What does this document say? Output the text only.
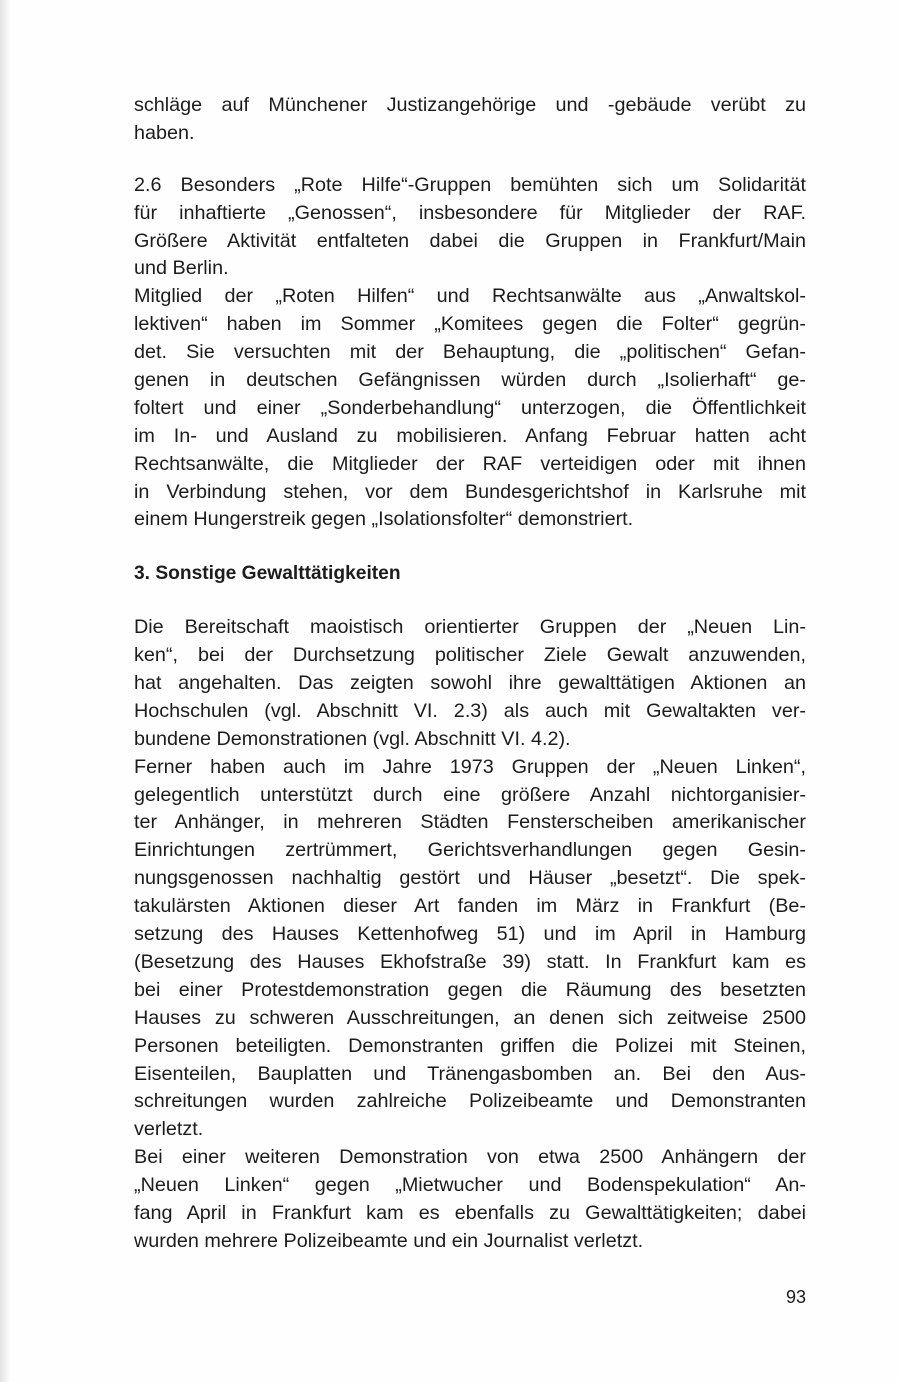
schläge auf Münchener Justizangehörige und -gebäude verübt zu
haben.
2.6 Besonders „Rote Hilfe“-Gruppen bemühten sich um Solidarität
für inhaftierte „Genossen“, insbesondere für Mitglieder der RAF.
Größere Aktivität entfalteten dabei die Gruppen in Frankfurt/Main
und Berlin.
Mitglied der „Roten Hilfen“ und Rechtsanwälte aus „Anwaltskol-
lektiven“ haben im Sommer „Komitees gegen die Folter“ gegrün-
det. Sie versuchten mit der Behauptung, die „politischen“ Gefan-
genen in deutschen Gefängnissen würden durch „Isolierhaft“ ge-
foltert und einer „Sonderbehandlung“ unterzogen, die Öffentlichkeit
im In- und Ausland zu mobilisieren. Anfang Februar hatten acht
Rechtsanwälte, die Mitglieder der RAF verteidigen oder mit ihnen
in Verbindung stehen, vor dem Bundesgerichtshof in Karlsruhe mit
einem Hungerstreik gegen „Isolationsfolter“ demonstriert.
3. Sonstige Gewalttätigkeiten
Die Bereitschaft maoistisch orientierter Gruppen der „Neuen Lin-
ken“, bei der Durchsetzung politischer Ziele Gewalt anzuwenden,
hat angehalten. Das zeigten sowohl ihre gewalttätigen Aktionen an
Hochschulen (vgl. Abschnitt VI. 2.3) als auch mit Gewaltakten ver-
bundene Demonstrationen (vgl. Abschnitt VI. 4.2).
Ferner haben auch im Jahre 1973 Gruppen der „Neuen Linken“,
gelegentlich unterstützt durch eine größere Anzahl nichtorganisier-
ter Anhänger, in mehreren Städten Fensterscheiben amerikanischer
Einrichtungen zertrümmert, Gerichtsverhandlungen gegen Gesin-
nungsgenossen nachhaltig gestört und Häuser „besetzt“. Die spek-
takulärsten Aktionen dieser Art fanden im März in Frankfurt (Be-
setzung des Hauses Kettenhofweg 51) und im April in Hamburg
(Besetzung des Hauses Ekhofstraße 39) statt. In Frankfurt kam es
bei einer Protestdemonstration gegen die Räumung des besetzten
Hauses zu schweren Ausschreitungen, an denen sich zeitweise 2500
Personen beteiligten. Demonstranten griffen die Polizei mit Steinen,
Eisenteilen, Bauplatten und Tränengasbomben an. Bei den Aus-
schreitungen wurden zahlreiche Polizeibeamte und Demonstranten
verletzt.
Bei einer weiteren Demonstration von etwa 2500 Anhängern der
„Neuen Linken“ gegen „Mietwucher und Bodenspekulation“ An-
fang April in Frankfurt kam es ebenfalls zu Gewalttätigkeiten; dabei
wurden mehrere Polizeibeamte und ein Journalist verletzt.
93
